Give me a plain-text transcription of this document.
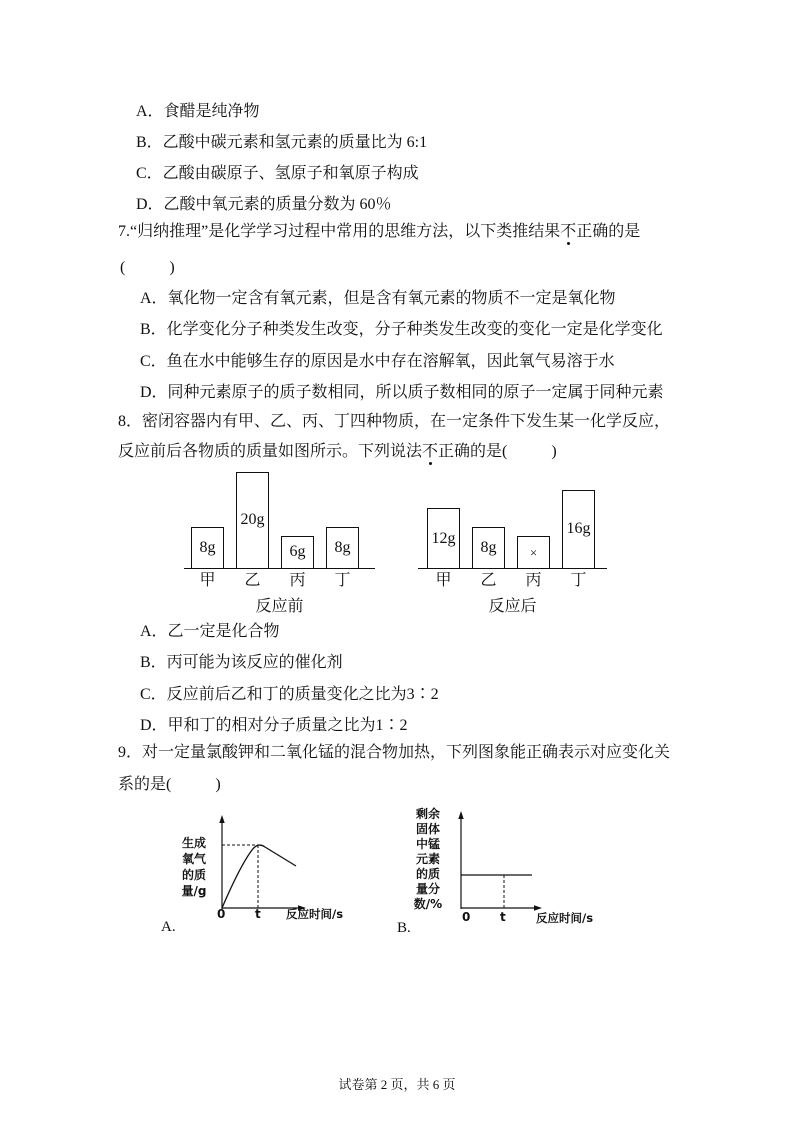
A．食醋是纯净物
B．乙酸中碳元素和氢元素的质量比为 6:1
C．乙酸由碳原子、氢原子和氧原子构成
D．乙酸中氧元素的质量分数为 60％
7.“归纳推理”是化学学习过程中常用的思维方法，以下类推结果不正确的是
(           )
A．氧化物一定含有氧元素，但是含有氧元素的物质不一定是氧化物
B．化学变化分子种类发生改变，分子种类发生改变的变化一定是化学变化
C．鱼在水中能够生存的原因是水中存在溶解氧，因此氧气易溶于水
D．同种元素原子的质子数相同，所以质子数相同的原子一定属于同种元素
8．密闭容器内有甲、乙、丙、丁四种物质，在一定条件下发生某一化学反应，
反应前后各物质的质量如图所示。下列说法不正确的是(           )
8g
20g
6g 8g
甲	乙	丙	丁
反应前
12g
8g	×
16g
甲	乙	丙	丁
反应后
A．乙一定是化合物
B．丙可能为该反应的催化剂
C．反应前后乙和丁的质量变化之比为3∶2
D．甲和丁的相对分子质量之比为1∶2
9．对一定量氯酸钾和二氧化锰的混合物加热，下列图象能正确表示对应变化关
系的是(           )
生成
氧气
的质
量/g
0 t 反应时间/s
A.
剩余
固体
中锰
元素
的质
量分
数/%
0 t	反应时间/s
B.
试卷第 2 页，共 6 页
